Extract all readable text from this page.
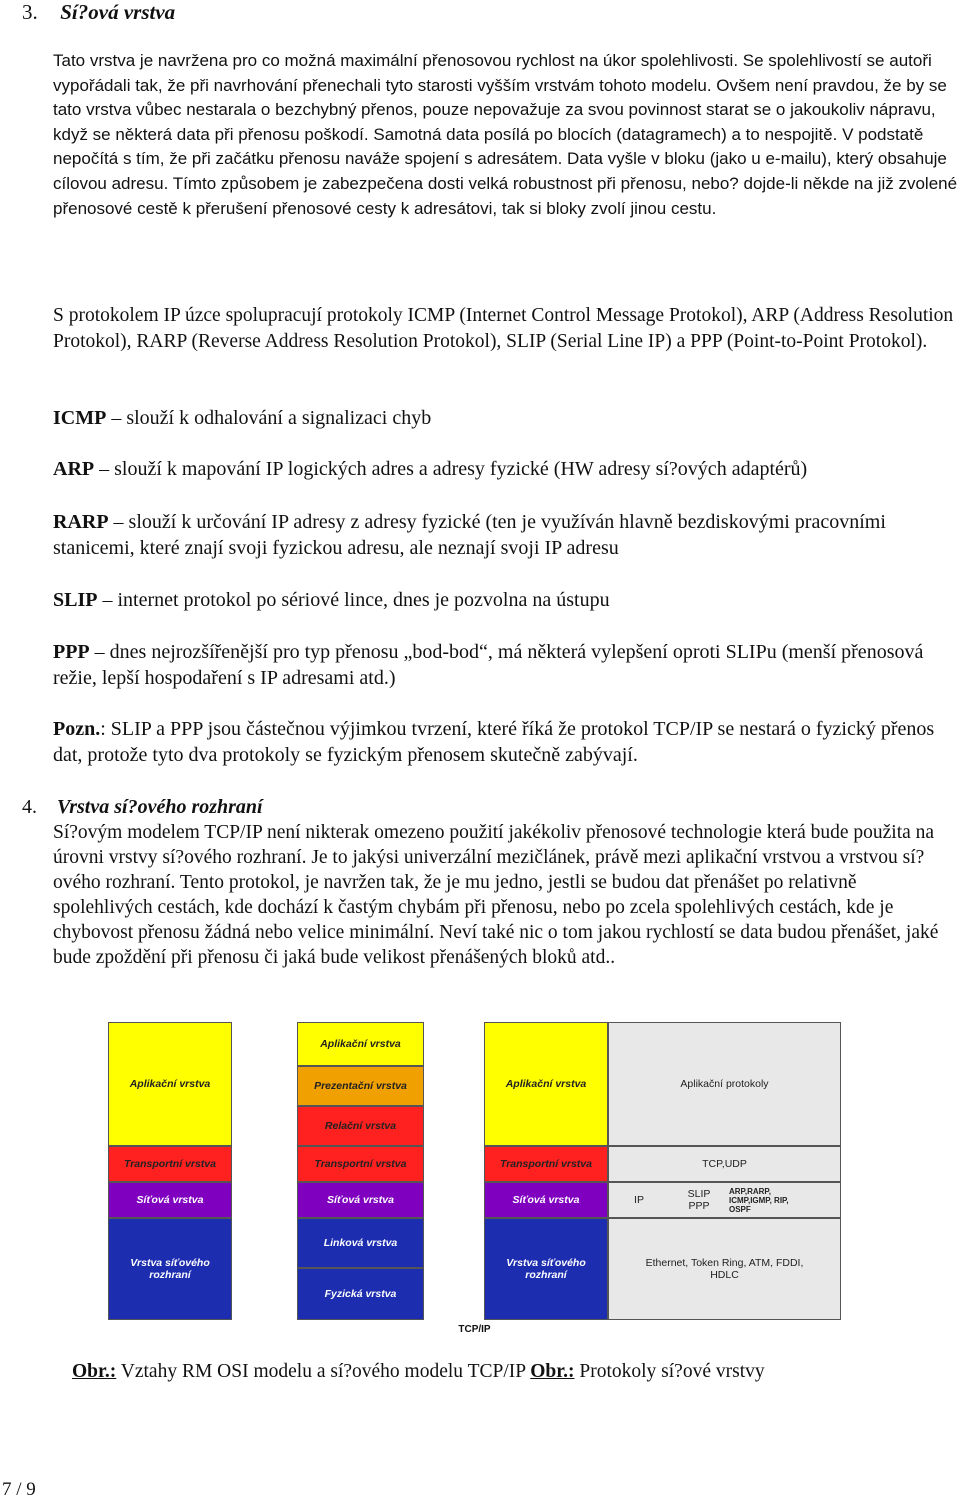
3. Sí?ová vrstva
Tato vrstva je navržena pro co možná maximální přenosovou rychlost na úkor spolehlivosti. Se spolehlivostí se autoři vypořádali tak, že při navrhování přenechali tyto starosti vyšším vrstvám tohoto modelu. Ovšem není pravdou, že by se tato vrstva vůbec nestarala o bezchybný přenos, pouze nepovažuje za svou povinnost starat se o jakoukoliv nápravu, když se některá data při přenosu poškodí. Samotná data posílá po blocích (datagramech) a to nespojitě. V podstatě nepočítá s tím, že při začátku přenosu naváže spojení s adresátem. Data vyšle v bloku (jako u e-mailu), který obsahuje cílovou adresu. Tímto způsobem je zabezpečena dosti velká robustnost při přenosu, nebo? dojde-li někde na již zvolené přenosové cestě k přerušení přenosové cesty k adresátovi, tak si bloky zvolí jinou cestu.
S protokolem IP úzce spolupracují protokoly ICMP (Internet Control Message Protokol), ARP (Address Resolution Protokol), RARP (Reverse Address Resolution Protokol), SLIP (Serial Line IP) a PPP (Point-to-Point Protokol).
ICMP – slouží k odhalování a signalizaci chyb
ARP – slouží k mapování IP logických adres a adresy fyzické (HW adresy sí?ových adaptérů)
RARP – slouží k určování IP adresy z adresy fyzické (ten je využíván hlavně bezdiskovými pracovními stanicemi, které znají svoji fyzickou adresu, ale neznají svoji IP adresu
SLIP – internet protokol po sériové lince, dnes je pozvolna na ústupu
PPP – dnes nejrozšířenější pro typ přenosu „bod-bod“, má některá vylepšení oproti SLIPu (menší přenosová režie, lepší hospodaření s IP adresami atd.)
Pozn.: SLIP a PPP jsou částečnou výjimkou tvrzení, které říká že protokol TCP/IP se nestará o fyzický přenos dat, protože tyto dva protokoly se fyzickým přenosem skutečně zabývají.
4. Vrstva sí?ového rozhraní
Sí?ovým modelem TCP/IP není nikterak omezeno použití jakékoliv přenosové technologie která bude použita na úrovni vrstvy sí?ového rozhraní. Je to jakýsi univerzální mezičlánek, právě mezi aplikační vrstvou a vrstvou sí?ového rozhraní. Tento protokol, je navržen tak, že je mu jedno, jestli se budou dat přenášet po relativně spolehlivých cestách, kde dochází k častým chybám při přenosu, nebo po zcela spolehlivých cestách, kde je chybovost přenosu žádná nebo velice minimální. Neví také nic o tom jakou rychlostí se data budou přenášet, jaké bude zpoždění při přenosu či jaká bude velikost přenášených bloků atd..
Aplikační vrstva
Transportní vrstva
Síťová vrstva
Vrstva síťového rozhraní
Aplikační vrstva
Prezentační vrstva
Relační vrstva
Transportní vrstva
Síťová vrstva
Linková vrstva
Fyzická vrstva
Aplikační vrstva
Transportní vrstva
Síťová vrstva
Vrstva síťového rozhraní
Aplikační protokoly
TCP,UDP
IP	SLIP
PPP
ARP,RARP, ICMP,IGMP, RIP, OSPF
Ethernet, Token Ring, ATM, FDDI, HDLC
TCP/IP
Obr.: Vztahy RM OSI modelu a sí?ového modelu TCP/IP Obr.: Protokoly sí?ové vrstvy
7 / 9
